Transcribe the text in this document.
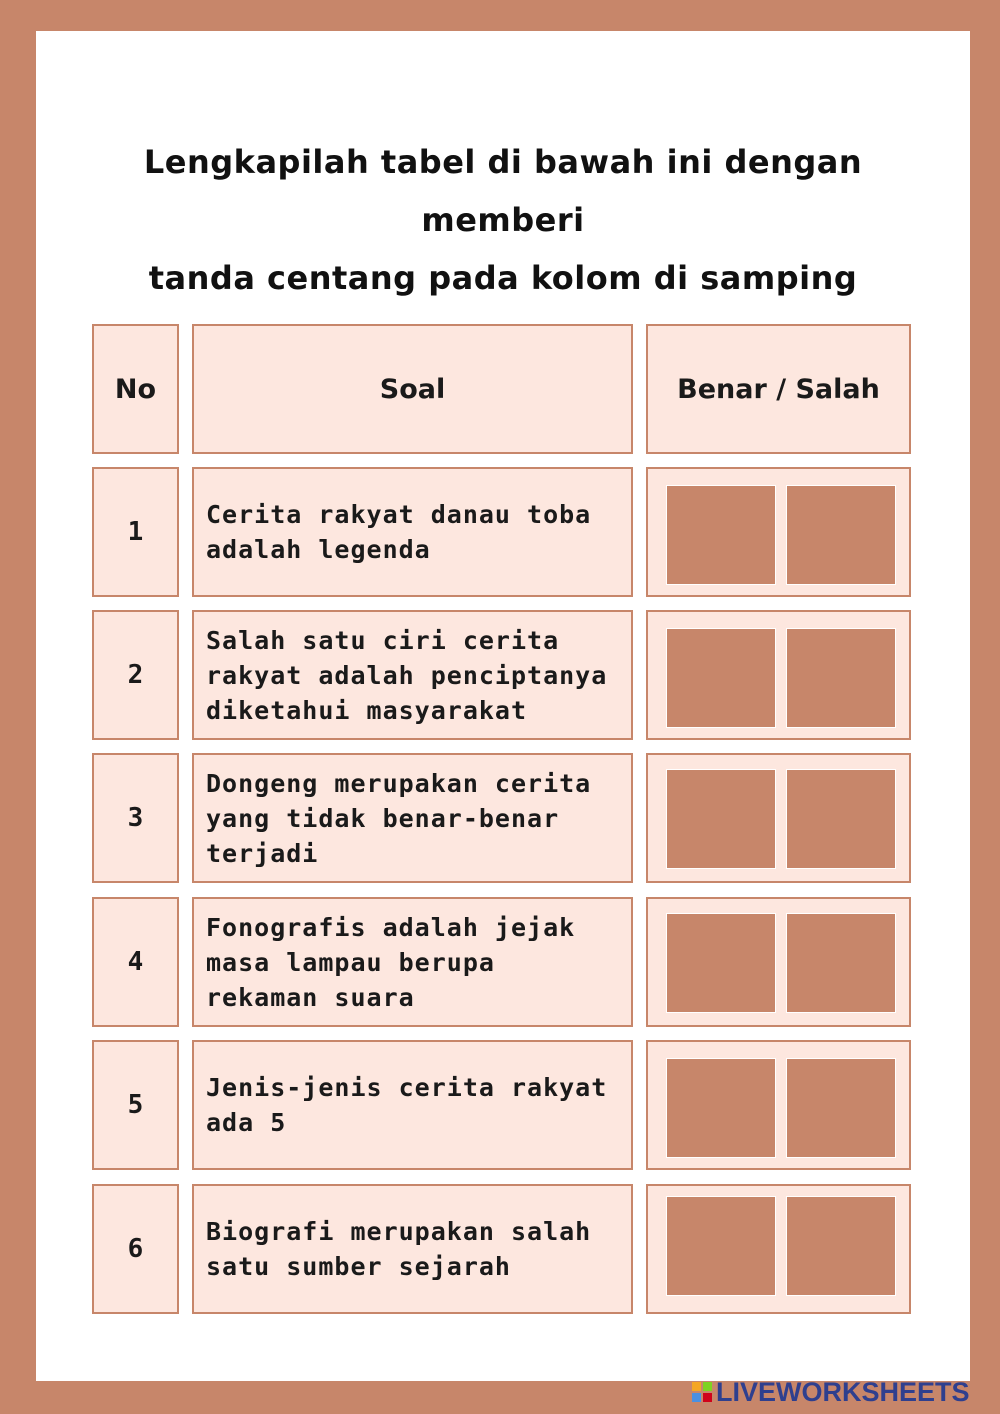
Lengkapilah tabel di bawah ini dengan memberi
tanda centang pada kolom di samping

No	Soal	Benar / Salah
1
Cerita rakyat danau toba
adalah legenda
2
Salah satu ciri cerita
rakyat adalah penciptanya
diketahui masyarakat
3
Dongeng merupakan cerita
yang tidak benar-benar
terjadi
4
Fonografis adalah jejak
masa lampau berupa
rekaman suara
5
Jenis-jenis cerita rakyat
ada 5
6
Biografi merupakan salah
satu sumber sejarah
LIVEWORKSHEETS
